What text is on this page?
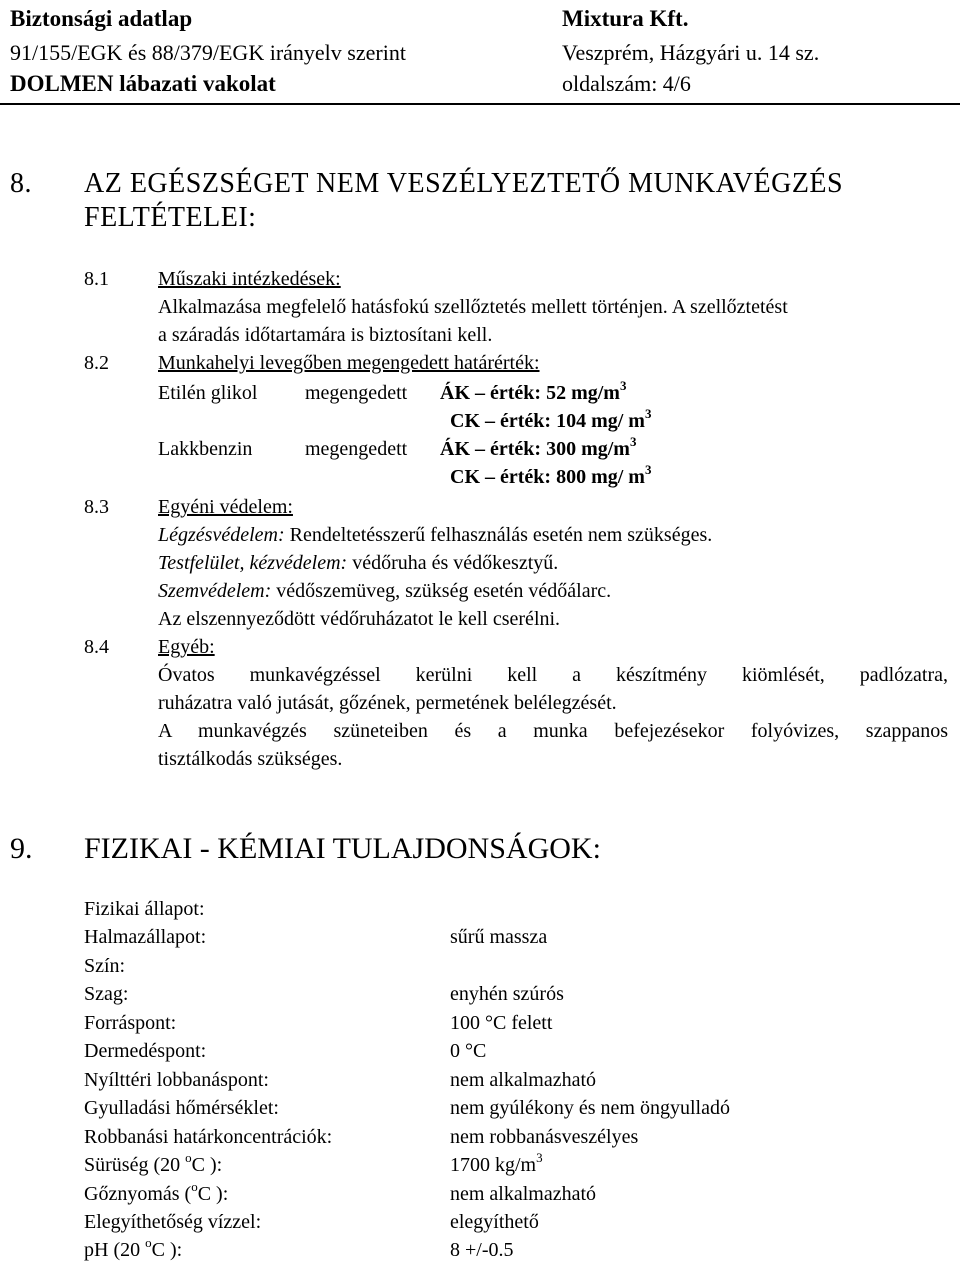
Biztonsági adatlap	Mixtura Kft.
91/155/EGK és 88/379/EGK irányelv szerint	Veszprém, Házgyári u. 14 sz.
DOLMEN lábazati vakolat	oldalszám: 4/6
8. AZ EGÉSZSÉGET NEM VESZÉLYEZTETŐ MUNKAVÉGZÉS
FELTÉTELEI:
8.1 Műszaki intézkedések:
Alkalmazása megfelelő hatásfokú szellőztetés mellett történjen. A szellőztetést
a száradás időtartamára is biztosítani kell.
8.2 Munkahelyi levegőben megengedett határérték:
Etilén glikol megengedett ÁK – érték: 52 $mg/m^3$
CK – érték: 104 mg/ $m^3$
Lakkbenzin	megengedett ÁK – érték: 300 $mg/m^3$
CK – érték: 800 mg/ $m^3$
8.3 Egyéni védelem:
Légzésvédelem: Rendeltetésszerű felhasználás esetén nem szükséges.
Testfelület, kézvédelem: védőruha és védőkesztyű.
Szemvédelem: védőszemüveg, szükség esetén védőálarc.
Az elszennyeződött védőruházatot le kell cserélni.
8.4 Egyéb:
Óvatos munkavégzéssel kerülni kell a készítmény kiömlését, padlózatra,
ruházatra való jutását, gőzének, permetének belélegzését.
A munkavégzés szüneteiben és a munka befejezésekor folyóvizes, szappanos
tisztálkodás szükséges.
9. FIZIKAI - KÉMIAI TULAJDONSÁGOK:
Fizikai állapot:
Halmazállapot:	sűrű massza
Szín:
Szag:	enyhén szúrós
Forráspont:	100 °C felett
Dermedéspont:	0 °C
Nyílttéri lobbanáspont:	nem alkalmazható
Gyulladási hőmérséklet:	nem gyúlékony és nem öngyulladó
Robbanási határkoncentrációk:	nem robbanásveszélyes
Sürüség (20 $^o$C ):	1700 $kg/m^3$
Gőznyomás ($^o$C ):	nem alkalmazható
Elegyíthetőség vízzel:	elegyíthető
pH (20 $^o$C ):	8 +/-0.5
